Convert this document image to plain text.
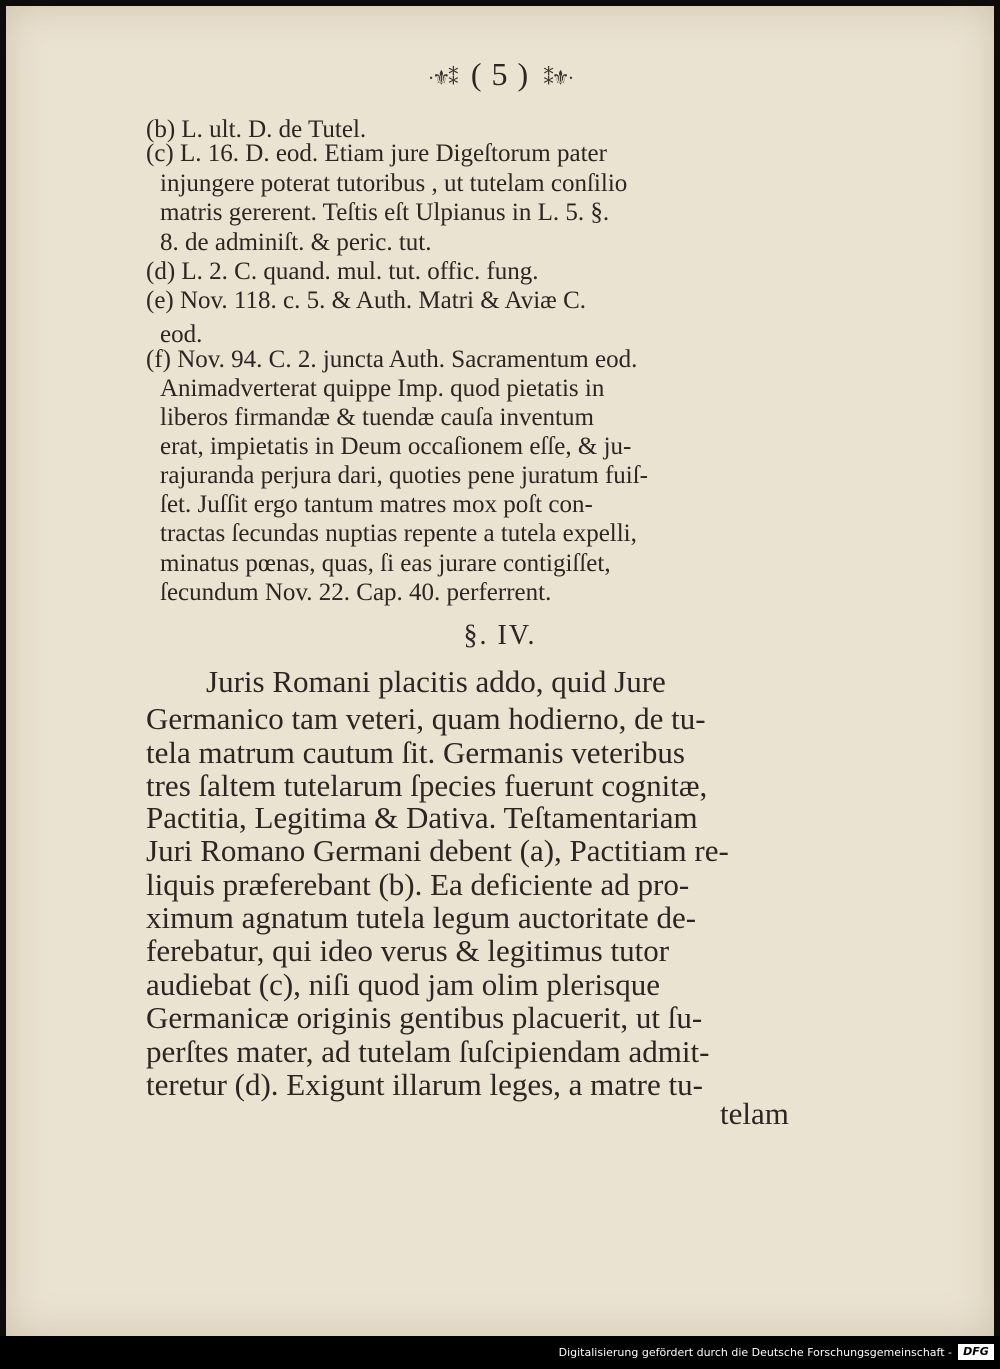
·⚜⁑ ( 5 ) ⁑⚜·
(b) L. ult. D. de Tutel.
(c) L. 16. D. eod. Etiam jure Digeſtorum pater
injungere poterat tutoribus , ut tutelam conſilio
matris gererent. Teſtis eſt Ulpianus in L. 5. §.
8. de adminiſt. & peric. tut.
(d) L. 2. C. quand. mul. tut. offic. fung.
(e) Nov. 118. c. 5. & Auth. Matri & Aviæ C.
eod.
(f) Nov. 94. C. 2. juncta Auth. Sacramentum eod.
Animadverterat quippe Imp. quod pietatis in
liberos firmandæ & tuendæ cauſa inventum
erat, impietatis in Deum occaſionem eſſe, & ju-
rajuranda perjura dari, quoties pene juratum fuiſ-
ſet. Juſſit ergo tantum matres mox poſt con-
tractas ſecundas nuptias repente a tutela expelli,
minatus pœnas, quas, ſi eas jurare contigiſſet,
ſecundum Nov. 22. Cap. 40. perferrent.
§. IV.
Juris Romani placitis addo, quid Jure
Germanico tam veteri, quam hodierno, de tu-
tela matrum cautum ſit. Germanis veteribus
tres ſaltem tutelarum ſpecies fuerunt cognitæ,
Pactitia, Legitima & Dativa. Teſtamentariam
Juri Romano Germani debent (a), Pactitiam re-
liquis præferebant (b). Ea deficiente ad pro-
ximum agnatum tutela legum auctoritate de-
ferebatur, qui ideo verus & legitimus tutor
audiebat (c), niſi quod jam olim plerisque
Germanicæ originis gentibus placuerit, ut ſu-
perſtes mater, ad tutelam ſuſcipiendam admit-
teretur (d). Exigunt illarum leges, a matre tu-
telam
Digitalisierung gefördert durch die Deutsche Forschungsgemeinschaft -	DFG
